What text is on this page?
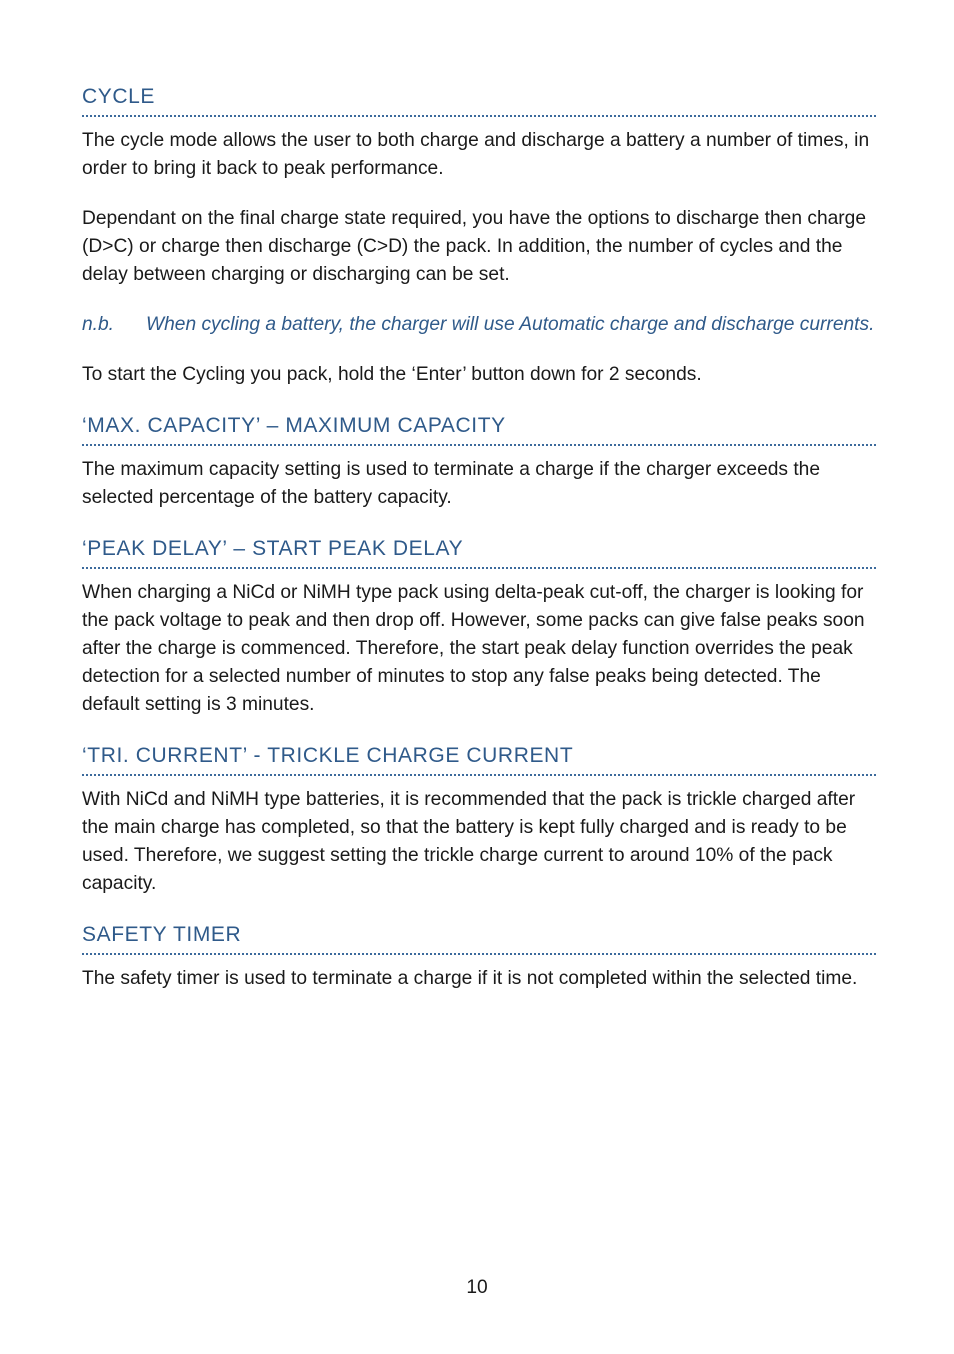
CYCLE

The cycle mode allows the user to both charge and discharge a battery a number of times, in order to bring it back to peak performance.

Dependant on the final charge state required, you have the options to discharge then charge (D>C) or charge then discharge (C>D) the pack. In addition, the number of cycles and the delay between charging or discharging can be set.

n.b.	When cycling a battery, the charger will use Automatic charge and discharge currents.

To start the Cycling you pack, hold the ‘Enter’ button down for 2 seconds.

‘MAX. CAPACITY’ – MAXIMUM CAPACITY

The maximum capacity setting is used to terminate a charge if the charger exceeds the selected percentage of the battery capacity.

‘PEAK DELAY’ – START PEAK DELAY

When charging a NiCd or NiMH type pack using delta-peak cut-off, the charger is looking for the pack voltage to peak and then drop off. However, some packs can give false peaks soon after the charge is commenced. Therefore, the start peak delay function overrides the peak detection for a selected number of minutes to stop any false peaks being detected. The default setting is 3 minutes.

‘TRI. CURRENT’ - TRICKLE CHARGE CURRENT

With NiCd and NiMH type batteries, it is recommended that the pack is trickle charged after the main charge has completed, so that the battery is kept fully charged and is ready to be used. Therefore, we suggest setting the trickle charge current to around 10% of the pack capacity.

SAFETY TIMER

The safety timer is used to terminate a charge if it is not completed within the selected time.

10
